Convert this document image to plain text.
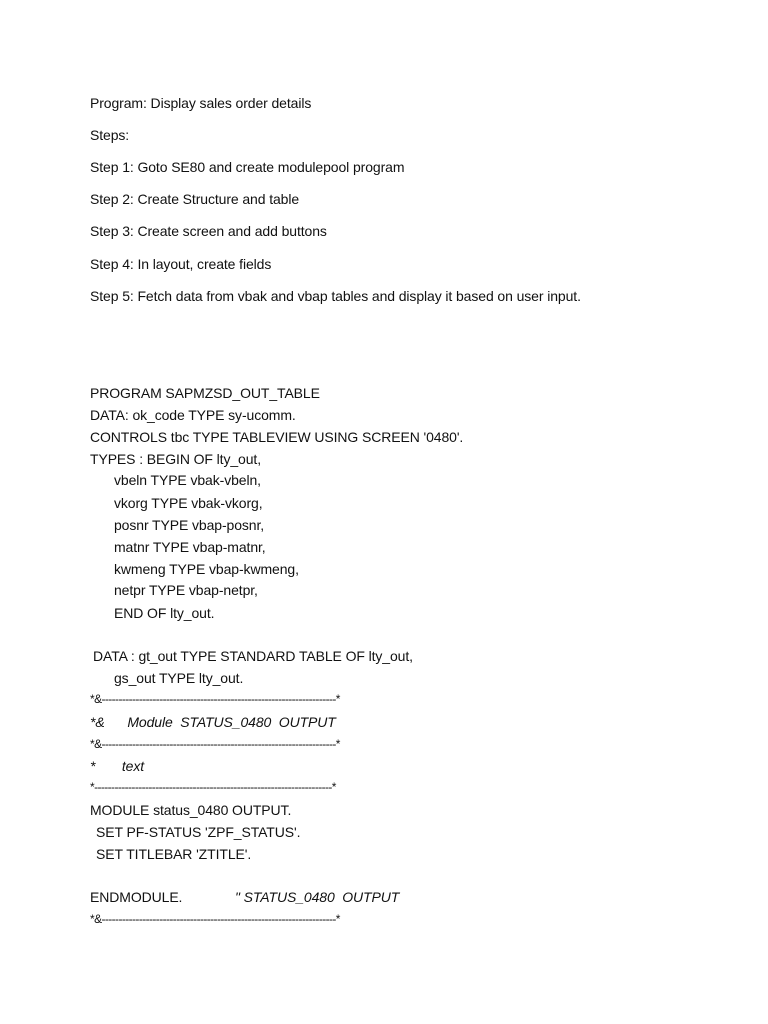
Program: Display sales order details
Steps:
Step 1: Goto SE80 and create modulepool program
Step 2: Create Structure and table
Step 3: Create screen and add buttons
Step 4: In layout, create fields
Step 5: Fetch data from vbak and vbap tables and display it based on user input.
PROGRAM SAPMZSD_OUT_TABLE
DATA: ok_code TYPE sy-ucomm.
CONTROLS tbc TYPE TABLEVIEW USING SCREEN '0480'.
TYPES : BEGIN OF lty_out,
vbeln TYPE vbak-vbeln,
vkorg TYPE vbak-vkorg,
posnr TYPE vbap-posnr,
matnr TYPE vbap-matnr,
kwmeng TYPE vbap-kwmeng,
netpr TYPE vbap-netpr,
END OF lty_out.
DATA : gt_out TYPE STANDARD TABLE OF lty_out,
gs_out TYPE lty_out.
*&---------------------------------------------------------------------*
*&      Module  STATUS_0480  OUTPUT
*&---------------------------------------------------------------------*
*       text
*----------------------------------------------------------------------*
MODULE status_0480 OUTPUT.
SET PF-STATUS 'ZPF_STATUS'.
SET TITLEBAR 'ZTITLE'.
ENDMODULE.	" STATUS_0480  OUTPUT
*&---------------------------------------------------------------------*
